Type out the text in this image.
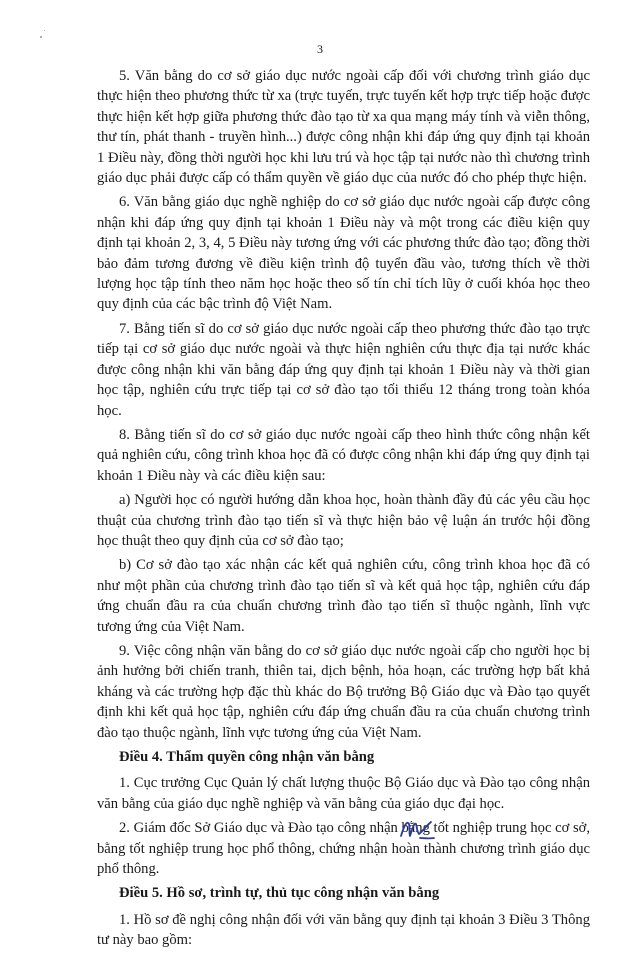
3

5. Văn bằng do cơ sở giáo dục nước ngoài cấp đối với chương trình giáo dục thực hiện theo phương thức từ xa (trực tuyến, trực tuyến kết hợp trực tiếp hoặc được thực hiện kết hợp giữa phương thức đào tạo từ xa qua mạng máy tính và viễn thông, thư tín, phát thanh - truyền hình...) được công nhận khi đáp ứng quy định tại khoản 1 Điều này, đồng thời người học khi lưu trú và học tập tại nước nào thì chương trình giáo dục phải được cấp có thẩm quyền về giáo dục của nước đó cho phép thực hiện.

6. Văn bằng giáo dục nghề nghiệp do cơ sở giáo dục nước ngoài cấp được công nhận khi đáp ứng quy định tại khoản 1 Điều này và một trong các điều kiện quy định tại khoản 2, 3, 4, 5 Điều này tương ứng với các phương thức đào tạo; đồng thời bảo đảm tương đương về điều kiện trình độ tuyển đầu vào, tương thích về thời lượng học tập tính theo năm học hoặc theo số tín chỉ tích lũy ở cuối khóa học theo quy định của các bậc trình độ Việt Nam.

7. Bằng tiến sĩ do cơ sở giáo dục nước ngoài cấp theo phương thức đào tạo trực tiếp tại cơ sở giáo dục nước ngoài và thực hiện nghiên cứu thực địa tại nước khác được công nhận khi văn bằng đáp ứng quy định tại khoản 1 Điều này và thời gian học tập, nghiên cứu trực tiếp tại cơ sở đào tạo tối thiểu 12 tháng trong toàn khóa học.

8. Bằng tiến sĩ do cơ sở giáo dục nước ngoài cấp theo hình thức công nhận kết quả nghiên cứu, công trình khoa học đã có được công nhận khi đáp ứng quy định tại khoản 1 Điều này và các điều kiện sau:

a) Người học có người hướng dẫn khoa học, hoàn thành đầy đủ các yêu cầu học thuật của chương trình đào tạo tiến sĩ và thực hiện bảo vệ luận án trước hội đồng học thuật theo quy định của cơ sở đào tạo;

b) Cơ sở đào tạo xác nhận các kết quả nghiên cứu, công trình khoa học đã có như một phần của chương trình đào tạo tiến sĩ và kết quả học tập, nghiên cứu đáp ứng chuẩn đầu ra của chuẩn chương trình đào tạo tiến sĩ thuộc ngành, lĩnh vực tương ứng của Việt Nam.

9. Việc công nhận văn bằng do cơ sở giáo dục nước ngoài cấp cho người học bị ảnh hưởng bởi chiến tranh, thiên tai, dịch bệnh, hỏa hoạn, các trường hợp bất khả kháng và các trường hợp đặc thù khác do Bộ trưởng Bộ Giáo dục và Đào tạo quyết định khi kết quả học tập, nghiên cứu đáp ứng chuẩn đầu ra của chuẩn chương trình đào tạo thuộc ngành, lĩnh vực tương ứng của Việt Nam.

Điều 4. Thẩm quyền công nhận văn bằng

1. Cục trưởng Cục Quản lý chất lượng thuộc Bộ Giáo dục và Đào tạo công nhận văn bằng của giáo dục nghề nghiệp và văn bằng của giáo dục đại học.

2. Giám đốc Sở Giáo dục và Đào tạo công nhận bằng tốt nghiệp trung học cơ sở, bằng tốt nghiệp trung học phổ thông, chứng nhận hoàn thành chương trình giáo dục phổ thông.

Điều 5. Hồ sơ, trình tự, thủ tục công nhận văn bằng

1. Hồ sơ đề nghị công nhận đối với văn bằng quy định tại khoản 3 Điều 3 Thông tư này bao gồm:
